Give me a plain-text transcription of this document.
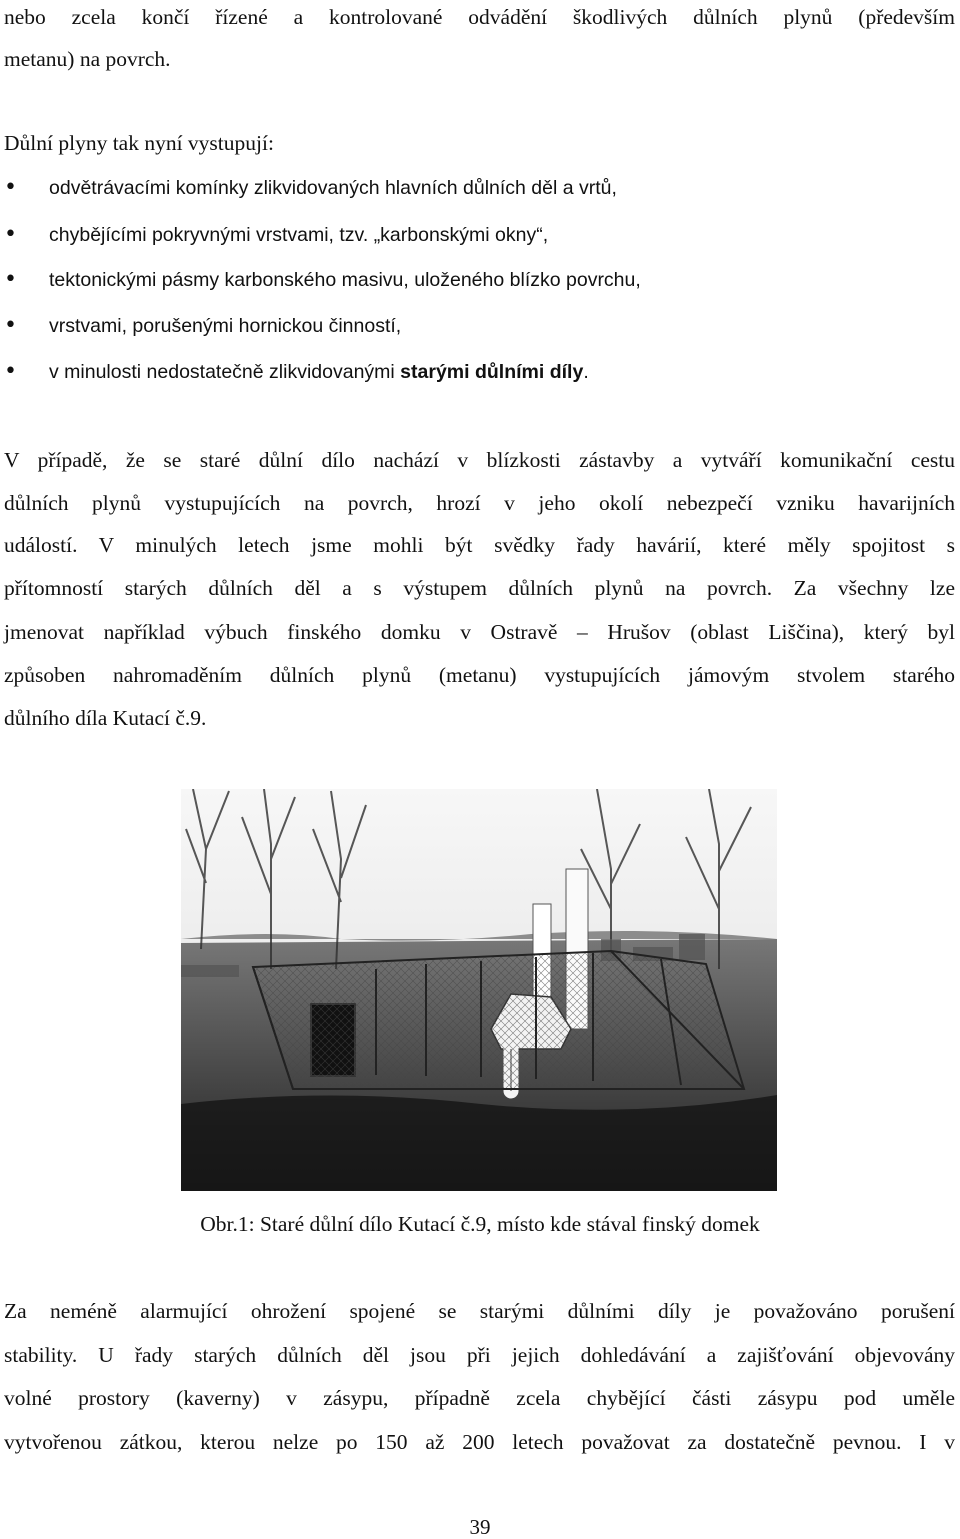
nebo zcela končí řízené a kontrolované odvádění škodlivých důlních plynů (především
metanu) na povrch.
Důlní plyny tak nyní vystupují:
•	odvětrávacími komínky zlikvidovaných hlavních důlních děl a vrtů,
•	chybějícími pokryvnými vrstvami, tzv. „karbonskými okny“,
•	tektonickými pásmy karbonského masivu, uloženého blízko povrchu,
•	vrstvami, porušenými hornickou činností,
•	v minulosti nedostatečně zlikvidovanými starými důlními díly.
V případě, že se staré důlní dílo nachází v blízkosti zástavby a vytváří komunikační cestu
důlních plynů vystupujících na povrch, hrozí v jeho okolí nebezpečí vzniku havarijních
událostí. V minulých letech jsme mohli být svědky řady havárií, které měly spojitost s
přítomností starých důlních děl a s výstupem důlních plynů na povrch. Za všechny lze
jmenovat například výbuch finského domku v Ostravě – Hrušov (oblast Liščina), který byl
způsoben nahromaděním důlních plynů (metanu) vystupujících jámovým stvolem starého
důlního díla Kutací č.9.
Obr.1: Staré důlní dílo Kutací č.9, místo kde stával finský domek
Za neméně alarmující ohrožení spojené se starými důlními díly je považováno porušení
stability. U řady starých důlních děl jsou při jejich dohledávání a zajišťování objevovány
volné prostory (kaverny) v zásypu, případně zcela chybějící části zásypu pod uměle
vytvořenou zátkou, kterou nelze po 150 až 200 letech považovat za dostatečně pevnou. I v
39
